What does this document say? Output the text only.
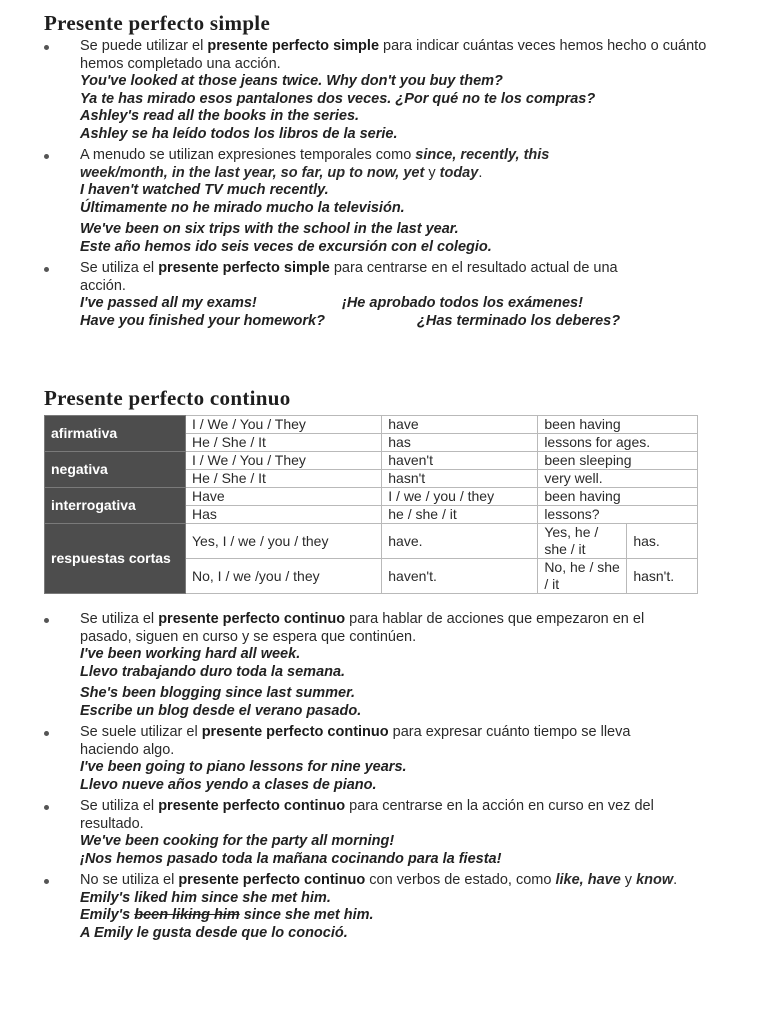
Presente perfecto simple
Se puede utilizar el presente perfecto simple para indicar cuántas veces hemos hecho o cuánto hemos completado una acción.
You've looked at those jeans twice. Why don't you buy them?
Ya te has mirado esos pantalones dos veces. ¿Por qué no te los compras?
Ashley's read all the books in the series.
Ashley se ha leído todos los libros de la serie.
A menudo se utilizan expresiones temporales como since, recently, this week/month, in the last year, so far, up to now, yet y today.
I haven't watched TV much recently.
Últimamente no he mirado mucho la televisión.
We've been on six trips with the school in the last year.
Este año hemos ido seis veces de excursión con el colegio.
Se utiliza el presente perfecto simple para centrarse en el resultado actual de una acción.
I've passed all my exams!	¡He aprobado todos los exámenes!
Have you finished your homework?	¿Has terminado los deberes?
Presente perfecto continuo
afirmativa	I / We / You / They	have	been having	
	He / She / It	has	lessons for ages.	
negativa	I / We / You / They	haven't	been sleeping	
	He / She / It	hasn't	very well.	
interrogativa	Have	I / we / you / they	been having	
	Has	he / she / it	lessons?	
respuestas cortas	Yes, I / we / you / they	have.	Yes, he / she / it	has.
	No, I / we /you / they	haven't.	No, he / she / it	hasn't.
Se utiliza el presente perfecto continuo para hablar de acciones que empezaron en el pasado, siguen en curso y se espera que continúen.
I've been working hard all week.
Llevo trabajando duro toda la semana.
She's been blogging since last summer.
Escribe un blog desde el verano pasado.
Se suele utilizar el presente perfecto continuo para expresar cuánto tiempo se lleva haciendo algo.
I've been going to piano lessons for nine years.
Llevo nueve años yendo a clases de piano.
Se utiliza el presente perfecto continuo para centrarse en la acción en curso en vez del resultado.
We've been cooking for the party all morning!
¡Nos hemos pasado toda la mañana cocinando para la fiesta!
No se utiliza el presente perfecto continuo con verbos de estado, como like, have y know.
Emily's liked him since she met him.
Emily's been liking him since she met him.
A Emily le gusta desde que lo conoció.
